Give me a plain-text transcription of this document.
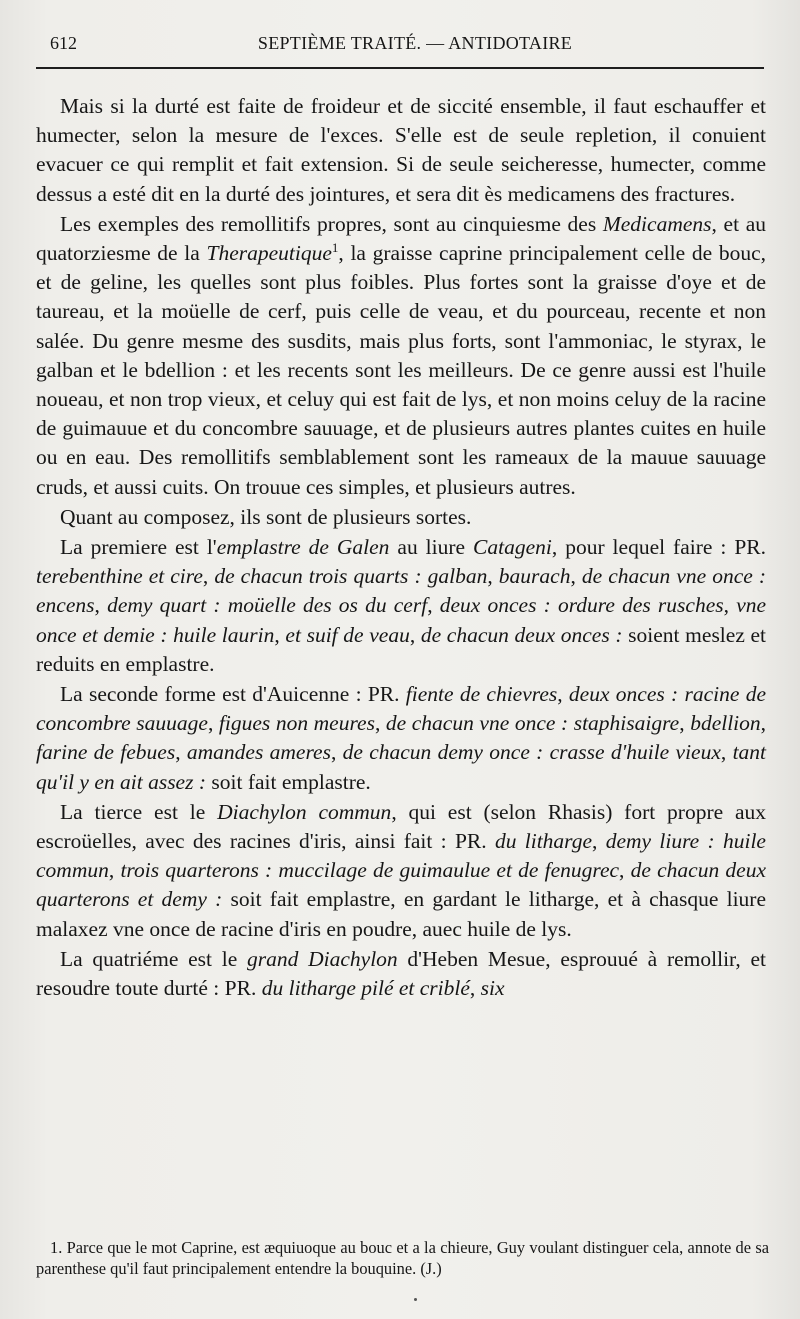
612	SEPTIÈME TRAITÉ. — ANTIDOTAIRE

Mais si la durté est faite de froideur et de siccité ensemble, il faut eschauffer et humecter, selon la mesure de l'exces. S'elle est de seule repletion, il conuient evacuer ce qui remplit et fait extension. Si de seule seicheresse, humecter, comme dessus a esté dit en la durté des jointures, et sera dit ès medicamens des fractures.

Les exemples des remollitifs propres, sont au cinquiesme des Medicamens, et au quatorziesme de la Therapeutique$^1$, la graisse caprine principalement celle de bouc, et de geline, les quelles sont plus foibles. Plus fortes sont la graisse d'oye et de taureau, et la moüelle de cerf, puis celle de veau, et du pourceau, recente et non salée. Du genre mesme des susdits, mais plus forts, sont l'ammoniac, le styrax, le galban et le bdellion : et les recents sont les meilleurs. De ce genre aussi est l'huile noueau, et non trop vieux, et celuy qui est fait de lys, et non moins celuy de la racine de guimauue et du concombre sauuage, et de plusieurs autres plantes cuites en huile ou en eau. Des remollitifs semblablement sont les rameaux de la mauue sauuage cruds, et aussi cuits. On trouue ces simples, et plusieurs autres.

Quant au composez, ils sont de plusieurs sortes.

La premiere est l'emplastre de Galen au liure Catageni, pour lequel faire : PR. terebenthine et cire, de chacun trois quarts : galban, baurach, de chacun vne once : encens, demy quart : moüelle des os du cerf, deux onces : ordure des rusches, vne once et demie : huile laurin, et suif de veau, de chacun deux onces : soient meslez et reduits en emplastre.

La seconde forme est d'Auicenne : PR. fiente de chievres, deux onces : racine de concombre sauuage, figues non meures, de chacun vne once : staphisaigre, bdellion, farine de febues, amandes ameres, de chacun demy once : crasse d'huile vieux, tant qu'il y en ait assez : soit fait emplastre.

La tierce est le Diachylon commun, qui est (selon Rhasis) fort propre aux escroüelles, avec des racines d'iris, ainsi fait : PR. du litharge, demy liure : huile commun, trois quarterons : muccilage de guimaulue et de fenugrec, de chacun deux quarterons et demy : soit fait emplastre, en gardant le litharge, et à chasque liure malaxez vne once de racine d'iris en poudre, auec huile de lys.

La quatriéme est le grand Diachylon d'Heben Mesue, esprouué à remollir, et resoudre toute durté : PR. du litharge pilé et criblé, six

1. Parce que le mot Caprine, est æquiuoque au bouc et a la chieure, Guy voulant distinguer cela, annote de sa parenthese qu'il faut principalement entendre la bouquine. (J.)
